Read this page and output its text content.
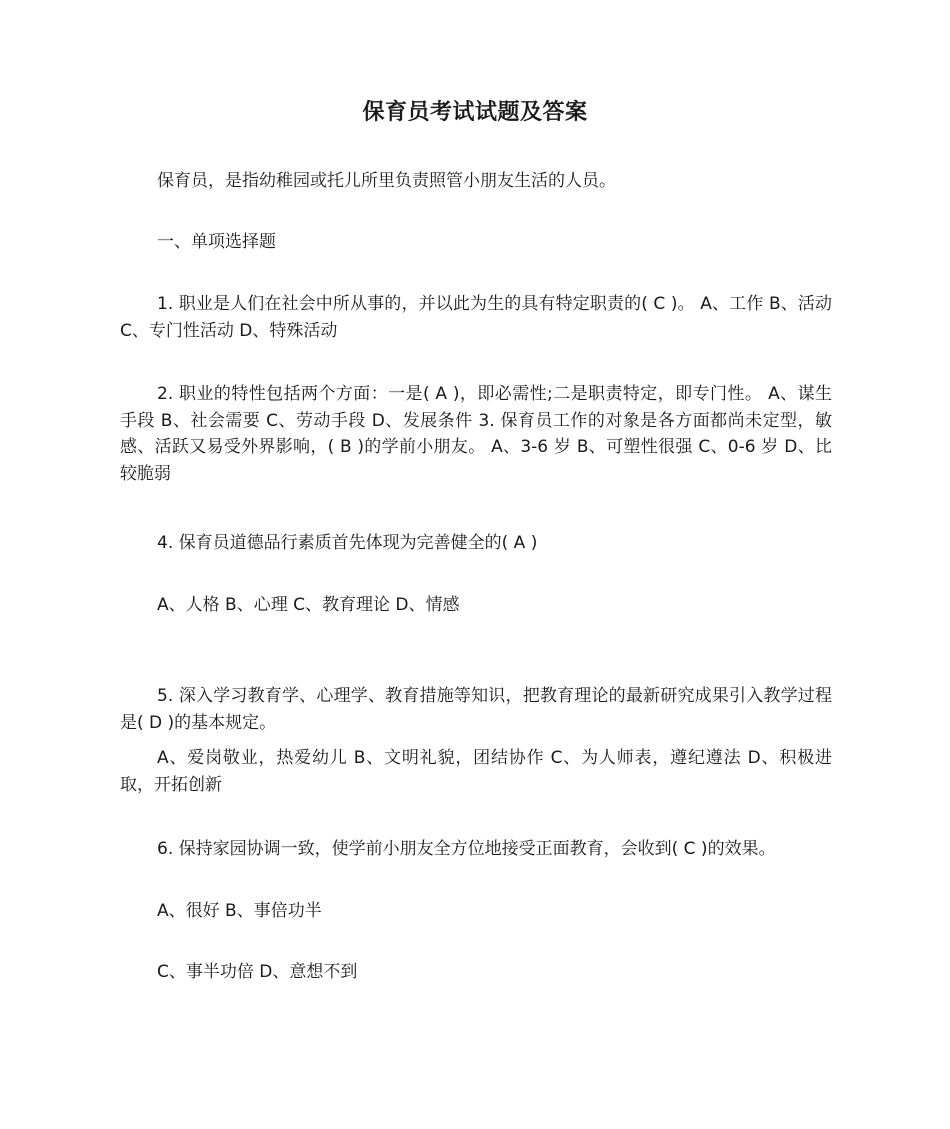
保育员考试试题及答案

保育员，是指幼稚园或托儿所里负责照管小朋友生活的人员。

一、单项选择题

1. 职业是人们在社会中所从事的，并以此为生的具有特定职责的( C )。 A、工作 B、活动 C、专门性活动 D、特殊活动

2. 职业的特性包括两个方面：一是( A )，即必需性;二是职责特定，即专门性。 A、谋生手段 B、社会需要 C、劳动手段 D、发展条件 3. 保育员工作的对象是各方面都尚未定型，敏感、活跃又易受外界影响，( B )的学前小朋友。 A、3-6 岁 B、可塑性很强 C、0-6 岁 D、比较脆弱

4. 保育员道德品行素质首先体现为完善健全的( A )

A、人格 B、心理 C、教育理论 D、情感

5. 深入学习教育学、心理学、教育措施等知识，把教育理论的最新研究成果引入教学过程是( D )的基本规定。

A、爱岗敬业，热爱幼儿 B、文明礼貌，团结协作 C、为人师表，遵纪遵法 D、积极进取，开拓创新

6. 保持家园协调一致，使学前小朋友全方位地接受正面教育，会收到( C )的效果。

A、很好 B、事倍功半

C、事半功倍 D、意想不到
